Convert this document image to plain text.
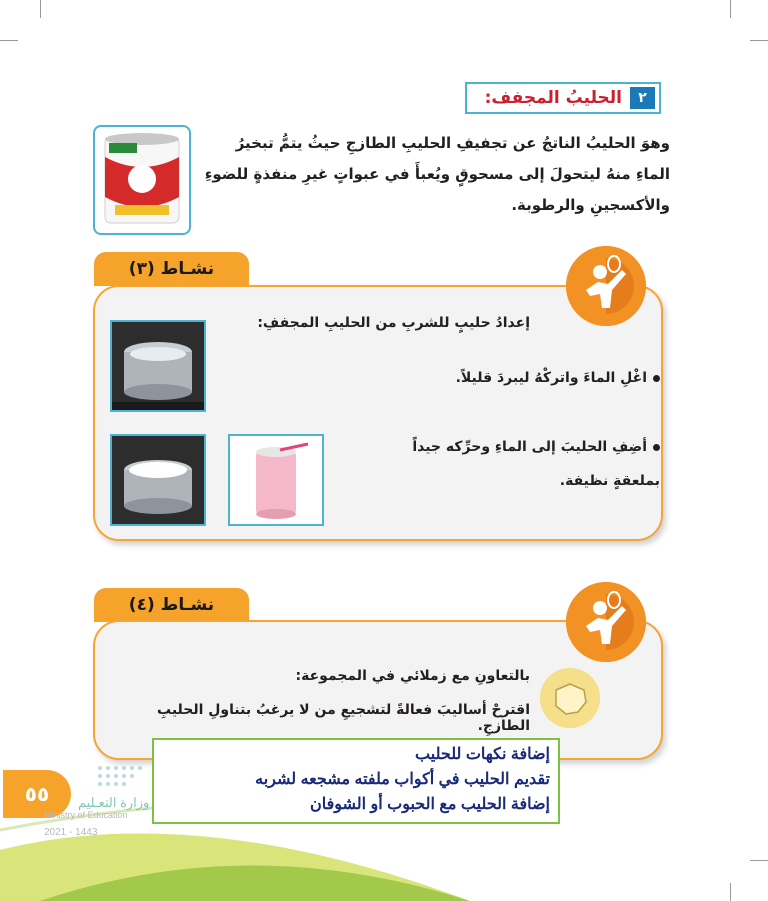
٢
الحليبُ المجفف:
وهوَ الحليبُ الناتجُ عن تجفيفِ الحليبِ الطازجِ حيثُ يتمُّ تبخيرُ الماءِ منهُ ليتحولَ إلى مسحوقٍ ويُعبأَ في عبواتٍ غيرِ منفذةٍ للضوءِ والأكسجينِ والرطوبة.
نشـاط (٣)
إعدادُ حليبٍ للشربِ من الحليبِ المجففِ:
اغْلِ الماءَ واتركْهُ ليبردَ قليلاً.
أضِفِ الحليبَ إلى الماءِ وحرِّكه جيداً بملعقةٍ نظيفة.
نشـاط (٤)
بالتعاونِ مع زملائي في المجموعة:
اقترحْ أساليبَ فعالةً لتشجيعِ من لا يرغبُ بتناولِ الحليبِ الطازجِ.
٥٥	وزارة التعـليم
Ministry of Education
2021 - 1443
إضافة نكهات للحليب
تقديم الحليب في أكواب ملفته مشجعه لشربه
إضافة الحليب مع الحبوب أو الشوفان
